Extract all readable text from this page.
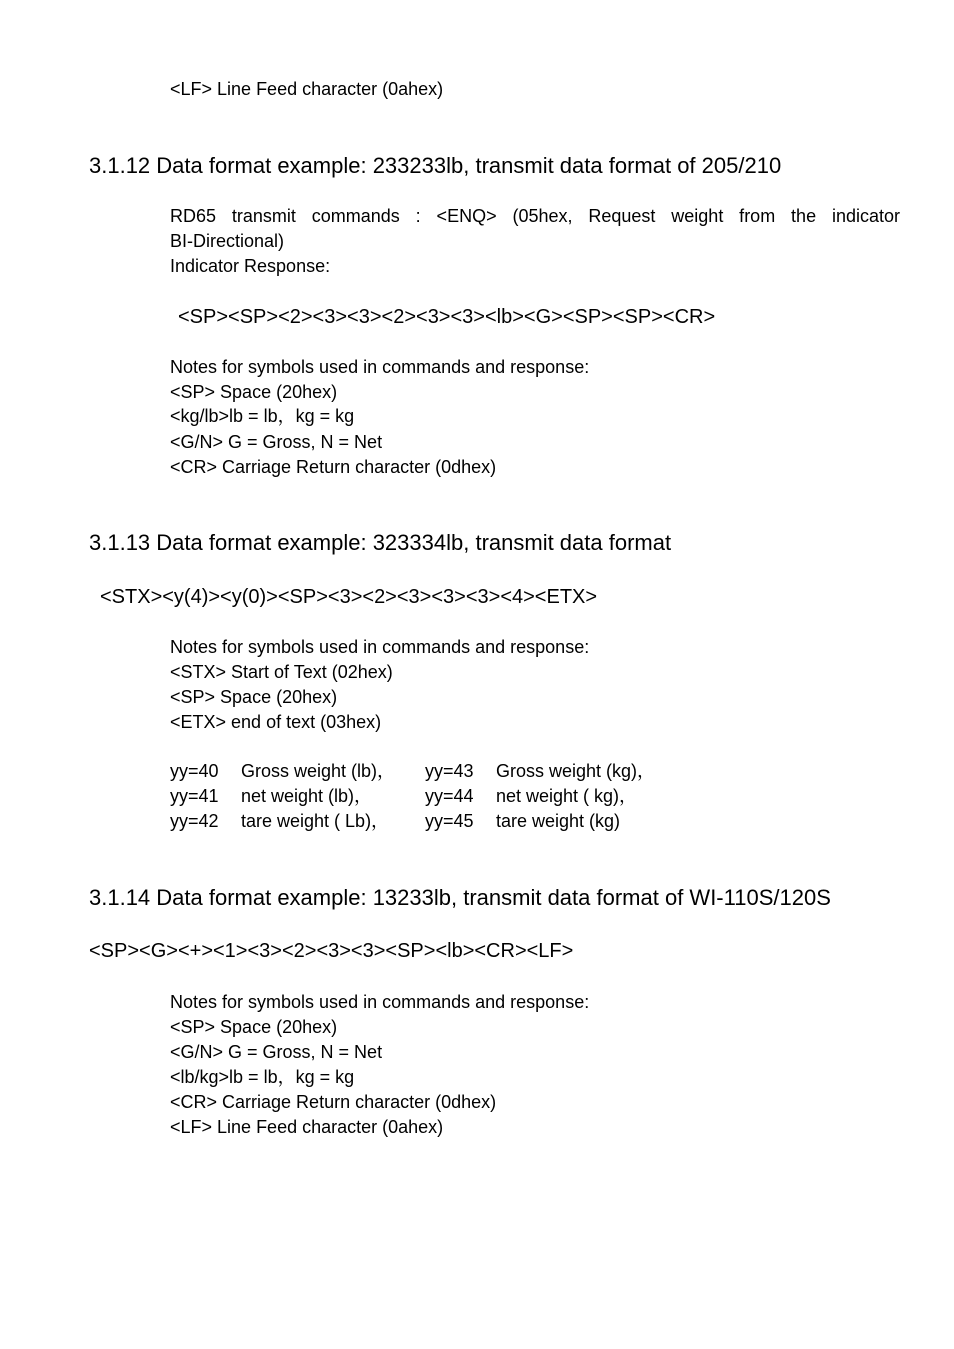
<LF> Line Feed character (0ahex)
3.1.12 Data format example: 233233lb, transmit data format of 205/210
RD65 transmit commands : <ENQ> (05hex, Request weight from the indicator
BI-Directional)
Indicator Response:
<SP><SP><2><3><3><2><3><3><lb><G><SP><SP><CR>
Notes for symbols used in commands and response:
<SP> Space (20hex)
<kg/lb>lb = lb，kg = kg
<G/N> G = Gross, N = Net
<CR> Carriage Return character (0dhex)
3.1.13 Data format example: 323334lb, transmit data format
<STX><y(4)><y(0)><SP><3><2><3><3><3><4><ETX>
Notes for symbols used in commands and response:
<STX> Start of Text (02hex)
<SP> Space (20hex)
<ETX> end of text (03hex)
yy=40 Gross weight (lb)， yy=43 Gross weight (kg)，
yy=41 net weight (lb)，	yy=44 net weight ( kg)，
yy=42 tare weight ( Lb)， yy=45 tare weight (kg)
3.1.14 Data format example: 13233lb, transmit data format of WI-110S/120S
<SP><G><+><1><3><2><3><3><SP><lb><CR><LF>
Notes for symbols used in commands and response:
<SP> Space (20hex)
<G/N> G = Gross, N = Net
<lb/kg>lb = lb，kg = kg
<CR> Carriage Return character (0dhex)
<LF> Line Feed character (0ahex)
